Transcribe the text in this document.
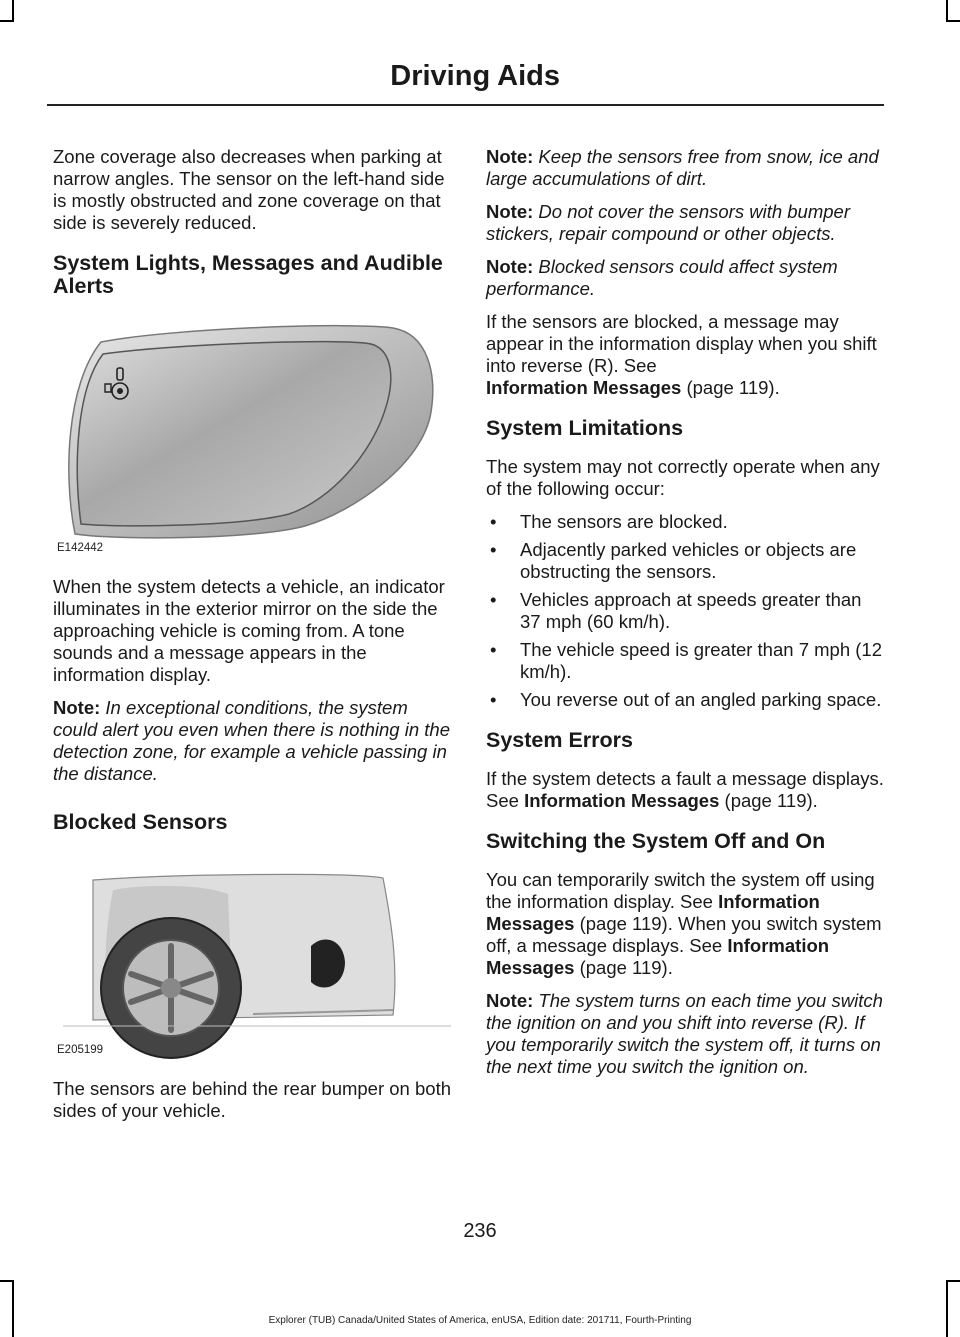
Driving Aids

Zone coverage also decreases when parking at narrow angles. The sensor on the left-hand side is mostly obstructed and zone coverage on that side is severely reduced.

System Lights, Messages and Audible Alerts
E142442

When the system detects a vehicle, an indicator illuminates in the exterior mirror on the side the approaching vehicle is coming from. A tone sounds and a message appears in the information display.

Note: In exceptional conditions, the system could alert you even when there is nothing in the detection zone, for example a vehicle passing in the distance.

Blocked Sensors
E205199

The sensors are behind the rear bumper on both sides of your vehicle.

Note: Keep the sensors free from snow, ice and large accumulations of dirt.

Note: Do not cover the sensors with bumper stickers, repair compound or other objects.

Note: Blocked sensors could affect system performance.

If the sensors are blocked, a message may appear in the information display when you shift into reverse (R). See
Information Messages (page 119).

System Limitations

The system may not correctly operate when any of the following occur:

• The sensors are blocked.
• Adjacently parked vehicles or objects are obstructing the sensors.
• Vehicles approach at speeds greater than 37 mph (60 km/h).
• The vehicle speed is greater than 7 mph (12 km/h).
• You reverse out of an angled parking space.
System Errors

If the system detects a fault a message displays. See Information Messages (page 119).

Switching the System Off and On

You can temporarily switch the system off using the information display. See Information Messages (page 119). When you switch system off, a message displays. See Information Messages (page 119).

Note: The system turns on each time you switch the ignition on and you shift into reverse (R). If you temporarily switch the system off, it turns on the next time you switch the ignition on.

236
Explorer (TUB) Canada/United States of America, enUSA, Edition date: 201711, Fourth-Printing
